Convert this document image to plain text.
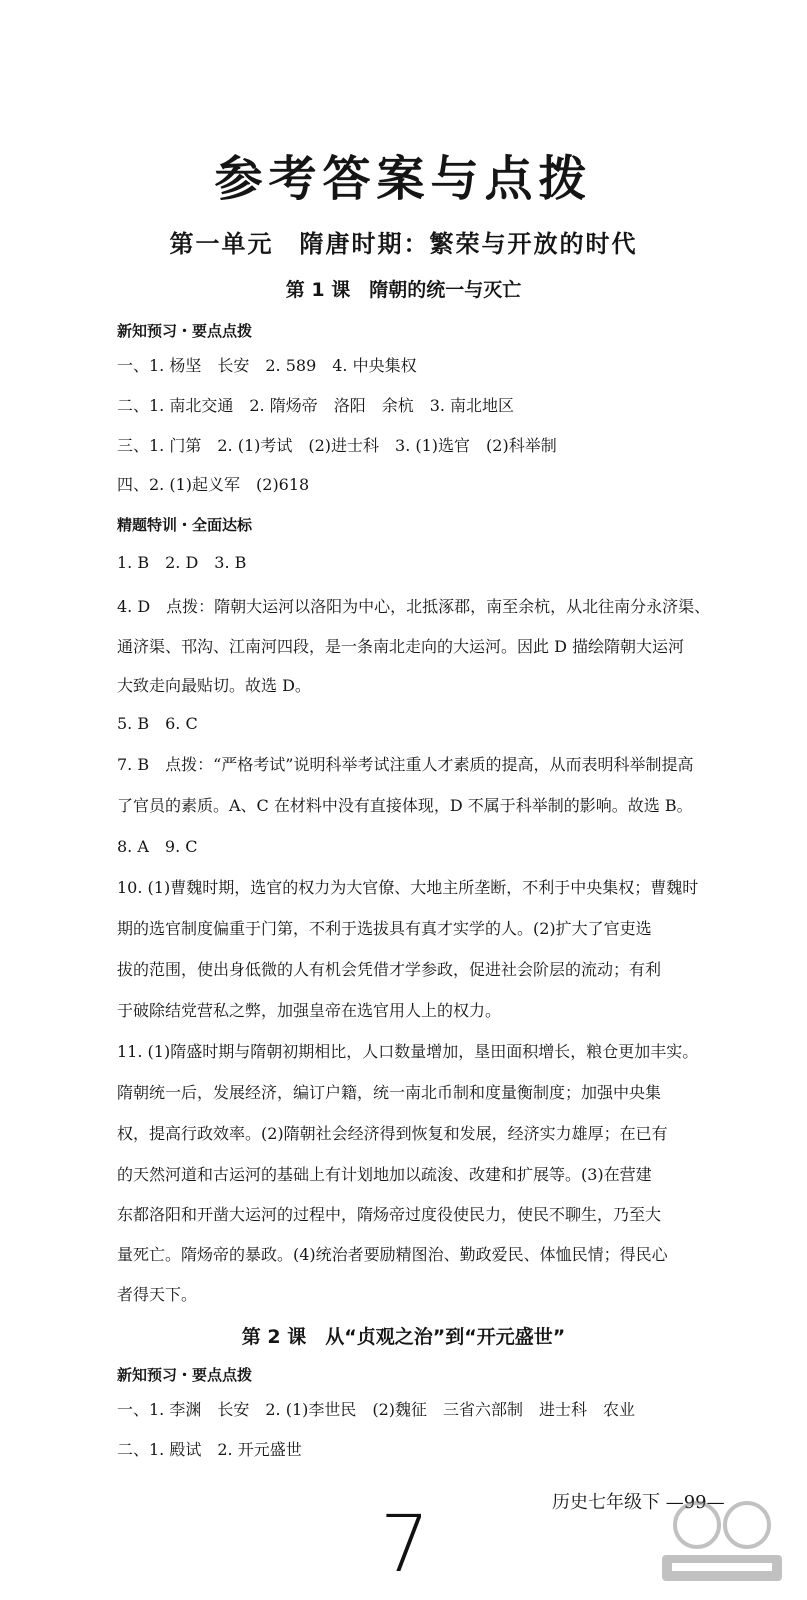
参考答案与点拨
第一单元　隋唐时期：繁荣与开放的时代
第 1 课　隋朝的统一与灭亡
新知预习・要点点拨
一、1. 杨坚　长安　2. 589　4. 中央集权
二、1. 南北交通　2. 隋炀帝　洛阳　余杭　3. 南北地区
三、1. 门第　2. (1)考试　(2)进士科　3. (1)选官　(2)科举制
四、2. (1)起义军　(2)618
精题特训・全面达标
1. B　2. D　3. B
4. D　点拨：隋朝大运河以洛阳为中心，北抵涿郡，南至余杭，从北往南分永济渠、
通济渠、邗沟、江南河四段，是一条南北走向的大运河。因此 D 描绘隋朝大运河
大致走向最贴切。故选 D。
5. B　6. C
7. B　点拨：“严格考试”说明科举考试注重人才素质的提高，从而表明科举制提高
了官员的素质。A、C 在材料中没有直接体现，D 不属于科举制的影响。故选 B。
8. A　9. C
10. (1)曹魏时期，选官的权力为大官僚、大地主所垄断，不利于中央集权；曹魏时
期的选官制度偏重于门第，不利于选拔具有真才实学的人。(2)扩大了官吏选
拔的范围，使出身低微的人有机会凭借才学参政，促进社会阶层的流动；有利
于破除结党营私之弊，加强皇帝在选官用人上的权力。
11. (1)隋盛时期与隋朝初期相比，人口数量增加，垦田面积增长，粮仓更加丰实。
隋朝统一后，发展经济，编订户籍，统一南北币制和度量衡制度；加强中央集
权，提高行政效率。(2)隋朝社会经济得到恢复和发展，经济实力雄厚；在已有
的天然河道和古运河的基础上有计划地加以疏浚、改建和扩展等。(3)在营建
东都洛阳和开凿大运河的过程中，隋炀帝过度役使民力，使民不聊生，乃至大
量死亡。隋炀帝的暴政。(4)统治者要励精图治、勤政爱民、体恤民情；得民心
者得天下。
第 2 课　从“贞观之治”到“开元盛世”
新知预习・要点点拨
一、1. 李渊　长安　2. (1)李世民　(2)魏征　三省六部制　进士科　农业
二、1. 殿试　2. 开元盛世
7	历史七年级下 —99—
